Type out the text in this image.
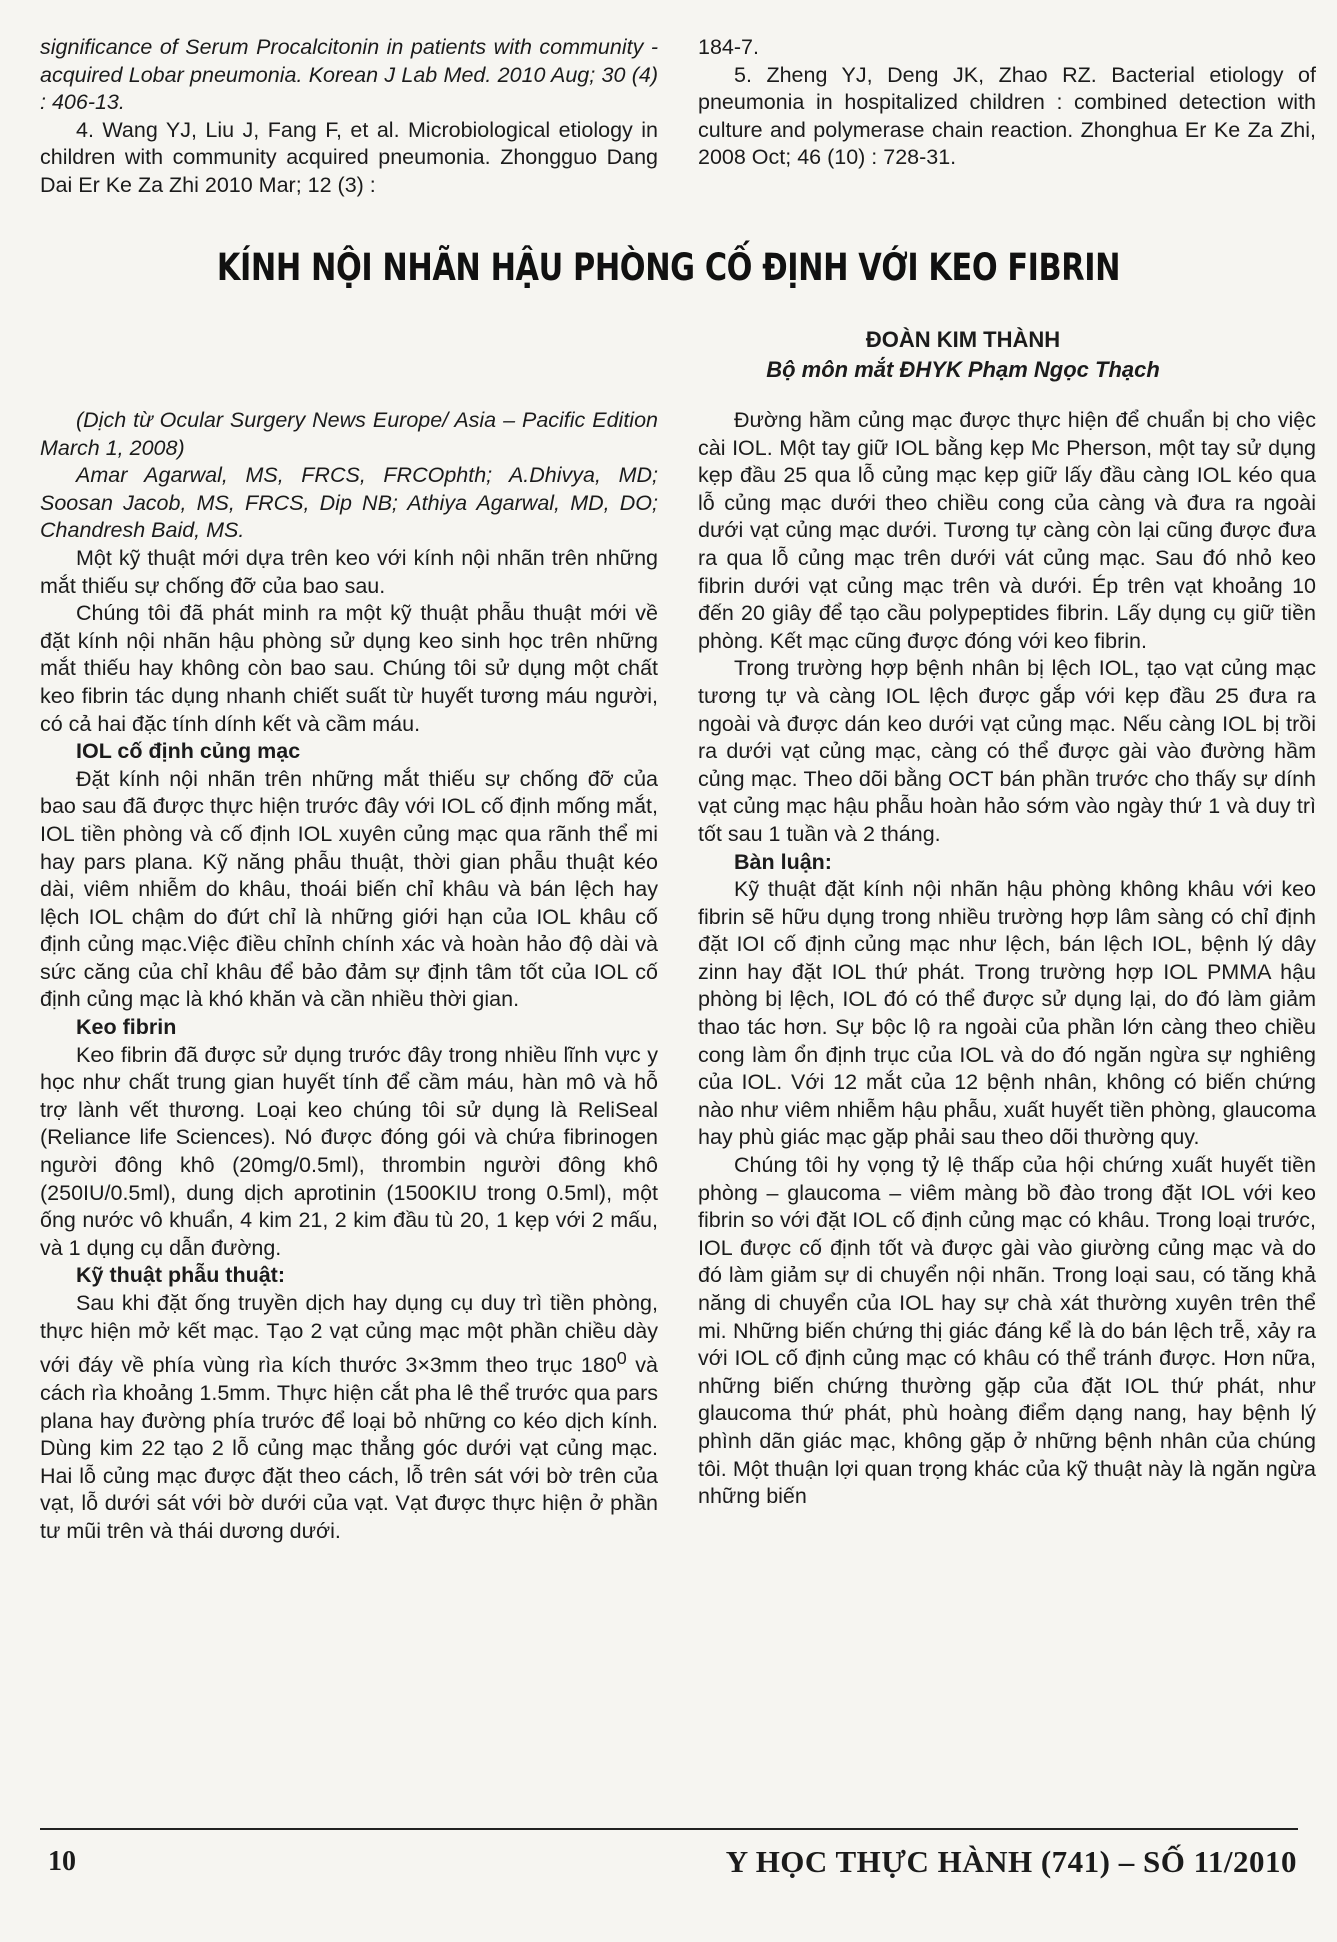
significance of Serum Procalcitonin in patients with community - acquired Lobar pneumonia. Korean J Lab Med. 2010 Aug; 30 (4) : 406-13.

4. Wang YJ, Liu J, Fang F, et al. Microbiological etiology in children with community acquired pneumonia. Zhongguo Dang Dai Er Ke Za Zhi 2010 Mar; 12 (3) :

184-7.

5. Zheng YJ, Deng JK, Zhao RZ. Bacterial etiology of pneumonia in hospitalized children : combined detection with culture and polymerase chain reaction. Zhonghua Er Ke Za Zhi, 2008 Oct; 46 (10) : 728-31.

KÍNH NỘI NHÃN HẬU PHÒNG CỐ ĐỊNH VỚI KEO FIBRIN
ĐOÀN KIM THÀNH
Bộ môn mắt ĐHYK Phạm Ngọc Thạch

(Dịch từ Ocular Surgery News Europe/ Asia – Pacific Edition March 1, 2008)

Amar Agarwal, MS, FRCS, FRCOphth; A.Dhivya, MD; Soosan Jacob, MS, FRCS, Dip NB; Athiya Agarwal, MD, DO; Chandresh Baid, MS.

Một kỹ thuật mới dựa trên keo với kính nội nhãn trên những mắt thiếu sự chống đỡ của bao sau.

Chúng tôi đã phát minh ra một kỹ thuật phẫu thuật mới về đặt kính nội nhãn hậu phòng sử dụng keo sinh học trên những mắt thiếu hay không còn bao sau. Chúng tôi sử dụng một chất keo fibrin tác dụng nhanh chiết suất từ huyết tương máu người, có cả hai đặc tính dính kết và cầm máu.

IOL cố định củng mạc

Đặt kính nội nhãn trên những mắt thiếu sự chống đỡ của bao sau đã được thực hiện trước đây với IOL cố định mống mắt, IOL tiền phòng và cố định IOL xuyên củng mạc qua rãnh thể mi hay pars plana. Kỹ năng phẫu thuật, thời gian phẫu thuật kéo dài, viêm nhiễm do khâu, thoái biến chỉ khâu và bán lệch hay lệch IOL chậm do đứt chỉ là những giới hạn của IOL khâu cố định củng mạc.Việc điều chỉnh chính xác và hoàn hảo độ dài và sức căng của chỉ khâu để bảo đảm sự định tâm tốt của IOL cố định củng mạc là khó khăn và cần nhiều thời gian.

Keo fibrin

Keo fibrin đã được sử dụng trước đây trong nhiều lĩnh vực y học như chất trung gian huyết tính để cầm máu, hàn mô và hỗ trợ lành vết thương. Loại keo chúng tôi sử dụng là ReliSeal (Reliance life Sciences). Nó được đóng gói và chứa fibrinogen người đông khô (20mg/0.5ml), thrombin người đông khô (250IU/0.5ml), dung dịch aprotinin (1500KIU trong 0.5ml), một ống nước vô khuẩn, 4 kim 21, 2 kim đầu tù 20, 1 kẹp với 2 mấu, và 1 dụng cụ dẫn đường.

Kỹ thuật phẫu thuật:

Sau khi đặt ống truyền dịch hay dụng cụ duy trì tiền phòng, thực hiện mở kết mạc. Tạo 2 vạt củng mạc một phần chiều dày với đáy về phía vùng rìa kích thước 3×3mm theo trục $180^0$ và cách rìa khoảng 1.5mm. Thực hiện cắt pha lê thể trước qua pars plana hay đường phía trước để loại bỏ những co kéo dịch kính. Dùng kim 22 tạo 2 lỗ củng mạc thẳng góc dưới vạt củng mạc. Hai lỗ củng mạc được đặt theo cách, lỗ trên sát với bờ trên của vạt, lỗ dưới sát với bờ dưới của vạt. Vạt được thực hiện ở phần tư mũi trên và thái dương dưới.

Đường hầm củng mạc được thực hiện để chuẩn bị cho việc cài IOL. Một tay giữ IOL bằng kẹp Mc Pherson, một tay sử dụng kẹp đầu 25 qua lỗ củng mạc kẹp giữ lấy đầu càng IOL kéo qua lỗ củng mạc dưới theo chiều cong của càng và đưa ra ngoài dưới vạt củng mạc dưới. Tương tự càng còn lại cũng được đưa ra qua lỗ củng mạc trên dưới vát củng mạc. Sau đó nhỏ keo fibrin dưới vạt củng mạc trên và dưới. Ép trên vạt khoảng 10 đến 20 giây để tạo cầu polypeptides fibrin. Lấy dụng cụ giữ tiền phòng. Kết mạc cũng được đóng với keo fibrin.

Trong trường hợp bệnh nhân bị lệch IOL, tạo vạt củng mạc tương tự và càng IOL lệch được gắp với kẹp đầu 25 đưa ra ngoài và được dán keo dưới vạt củng mạc. Nếu càng IOL bị trồi ra dưới vạt củng mạc, càng có thể được gài vào đường hầm củng mạc. Theo dõi bằng OCT bán phần trước cho thấy sự dính vạt củng mạc hậu phẫu hoàn hảo sớm vào ngày thứ 1 và duy trì tốt sau 1 tuần và 2 tháng.

Bàn luận:

Kỹ thuật đặt kính nội nhãn hậu phòng không khâu với keo fibrin sẽ hữu dụng trong nhiều trường hợp lâm sàng có chỉ định đặt IOI cố định củng mạc như lệch, bán lệch IOL, bệnh lý dây zinn hay đặt IOL thứ phát. Trong trường hợp IOL PMMA hậu phòng bị lệch, IOL đó có thể được sử dụng lại, do đó làm giảm thao tác hơn. Sự bộc lộ ra ngoài của phần lớn càng theo chiều cong làm ổn định trục của IOL và do đó ngăn ngừa sự nghiêng của IOL. Với 12 mắt của 12 bệnh nhân, không có biến chứng nào như viêm nhiễm hậu phẫu, xuất huyết tiền phòng, glaucoma hay phù giác mạc gặp phải sau theo dõi thường quy.

Chúng tôi hy vọng tỷ lệ thấp của hội chứng xuất huyết tiền phòng – glaucoma – viêm màng bồ đào trong đặt IOL với keo fibrin so với đặt IOL cố định củng mạc có khâu. Trong loại trước, IOL được cố định tốt và được gài vào giường củng mạc và do đó làm giảm sự di chuyển nội nhãn. Trong loại sau, có tăng khả năng di chuyển của IOL hay sự chà xát thường xuyên trên thể mi. Những biến chứng thị giác đáng kể là do bán lệch trễ, xảy ra với IOL cố định củng mạc có khâu có thể tránh được. Hơn nữa, những biến chứng thường gặp của đặt IOL thứ phát, như glaucoma thứ phát, phù hoàng điểm dạng nang, hay bệnh lý phình dãn giác mạc, không gặp ở những bệnh nhân của chúng tôi. Một thuận lợi quan trọng khác của kỹ thuật này là ngăn ngừa những biến

10	Y HỌC THỰC HÀNH (741) – SỐ 11/2010
